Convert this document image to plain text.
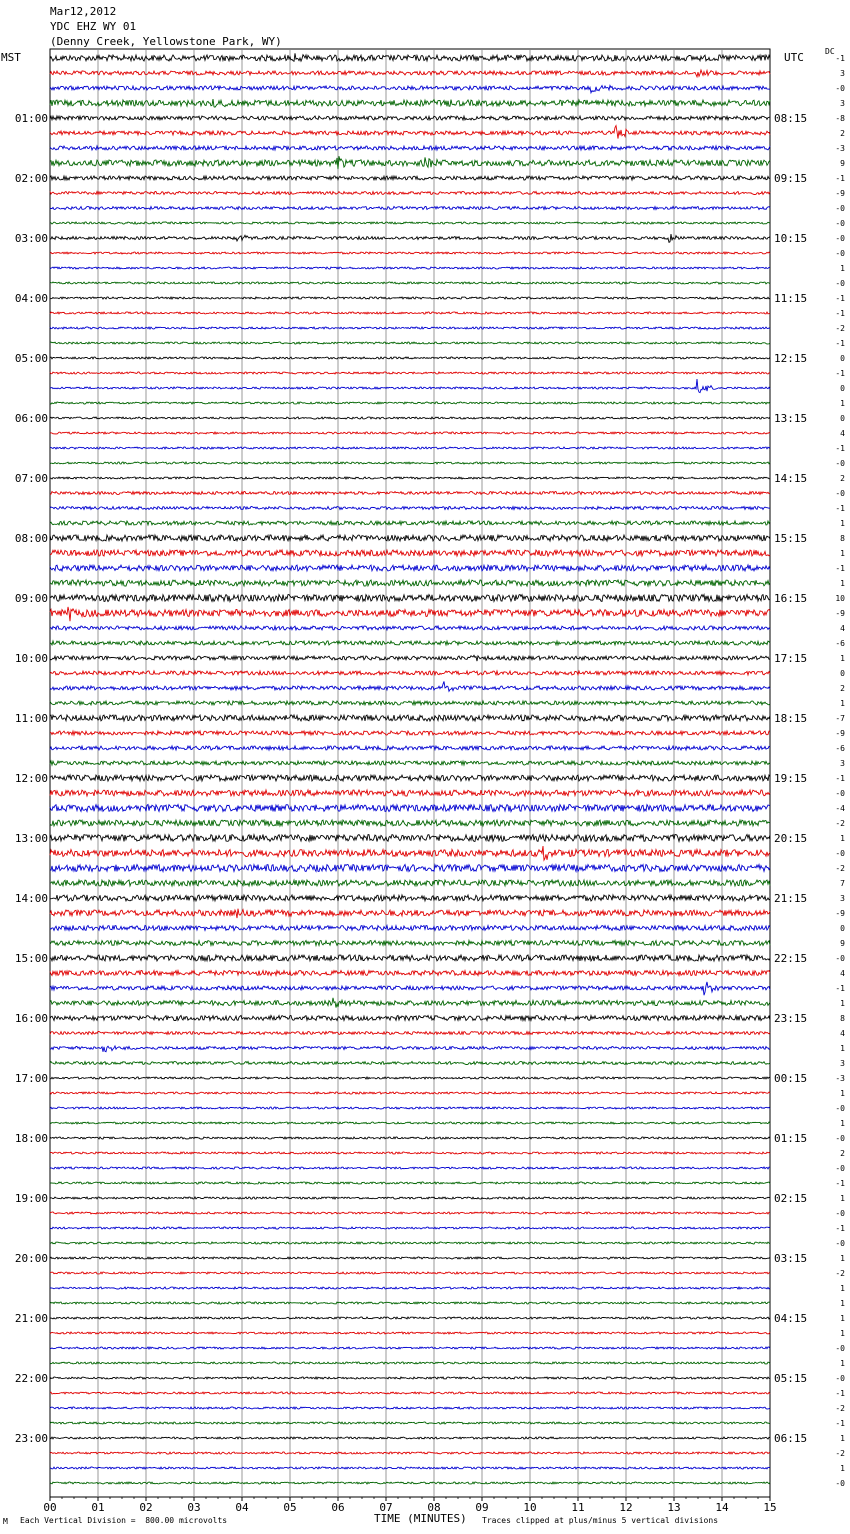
-1
3
-0
3
-8
2
-3
9
-1
-9
-0
-0
-0
-0
1
-0
-1
-1
-2
-1
0
-1
0
1
0
4
-1
-0
2
-0
-1
1
8
1
-1
1
10
-9
4
-6
1
0
2
1
-7
-9
-6
3
-1
-0
-4
-2
1
-0
-2
7
3
-9
0
9
-0
4
-1
1
8
4
1
3
-3
1
-0
1
-0
2
-0
-1
1
-0
-1
-0
1
-2
1
1
1
1
-0
1
-0
-1
-2
-1
1
-2
1
-0
01:00
02:00
03:00
04:00
05:00
06:00
07:00
08:00
09:00
10:00
11:00
12:00
13:00
14:00
15:00
16:00
17:00
18:00
19:00
20:00
21:00
22:00
23:00
08:15
09:15
10:15
11:15
12:15
13:15
14:15
15:15
16:15
17:15
18:15
19:15
20:15
21:15
22:15
23:15
00:15
01:15
02:15
03:15
04:15
05:15
06:15
00	01	02	03	04	05	06	07	08	09	10	11	12	13	14	15
Mar12,2012
YDC EHZ WY 01
(Denny Creek, Yellowstone Park, WY)
MST	UTC	DC
M Each Vertical Division =  800.00 microvolts	TIME (MINUTES) Traces clipped at plus/minus 5 vertical divisions
